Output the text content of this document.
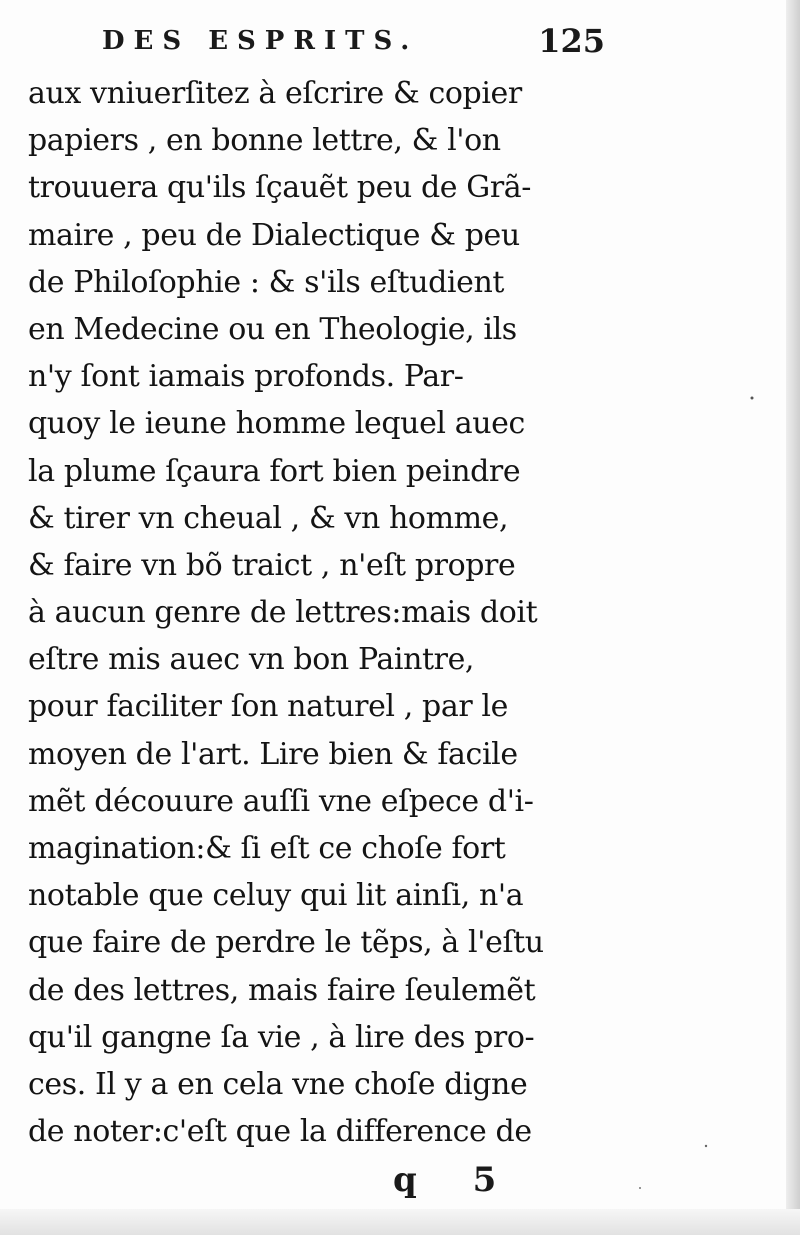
DES ESPRITS.	125
aux vniuerſitez à eſcrire & copier
papiers , en bonne lettre, & l'on
trouuera qu'ils ſçauẽt peu de Grã-
maire , peu de Dialectique & peu
de Philoſophie : & s'ils eſtudient
en Medecine ou en Theologie, ils
n'y ſont iamais profonds. Par-
quoy le ieune homme lequel auec
la plume ſçaura fort bien peindre
& tirer vn cheual , & vn homme,
& faire vn bõ traict , n'eſt propre
à aucun genre de lettres:mais doit
eſtre mis auec vn bon Paintre,
pour faciliter ſon naturel , par le
moyen de l'art. Lire bien & facile
mẽt découure auſſi vne eſpece d'i-
magination:& ſi eſt ce choſe fort
notable que celuy qui lit ainſi, n'a
que faire de perdre le tẽps, à l'eſtu
de des lettres, mais faire ſeulemẽt
qu'il gangne ſa vie , à lire des pro-
ces. Il y a en cela vne choſe digne
de noter:c'eſt que la difference de
q 5
